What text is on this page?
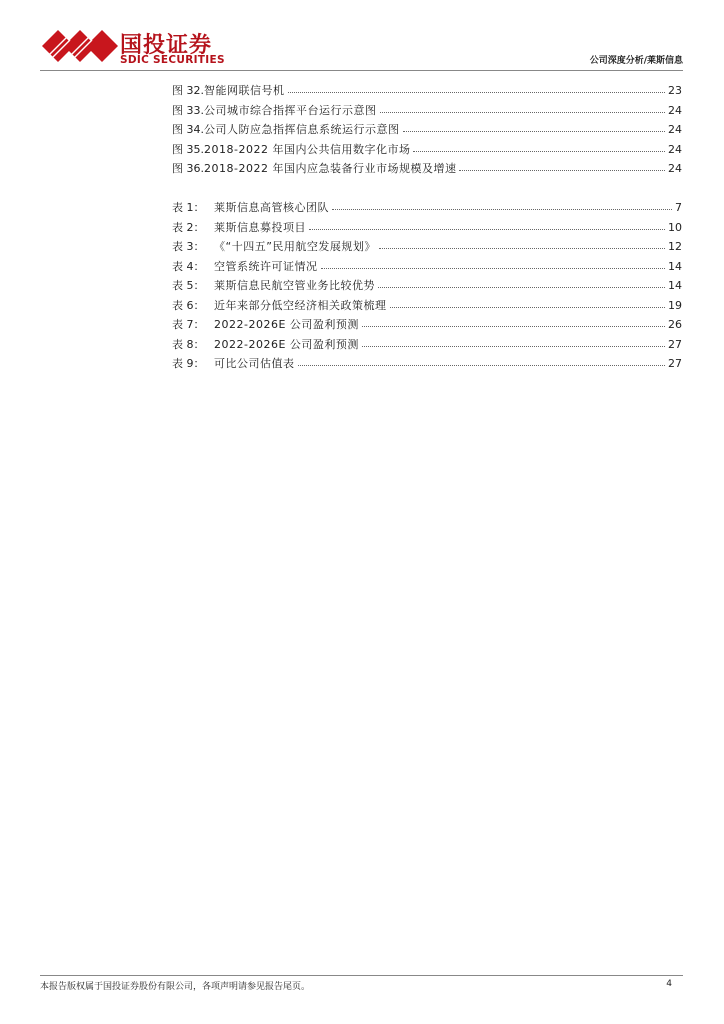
国投证券
SDIC SECURITIES	公司深度分析/莱斯信息
图 32. 智能网联信号机	23
图 33. 公司城市综合指挥平台运行示意图	24
图 34. 公司人防应急指挥信息系统运行示意图	24
图 35. 2018-2022 年国内公共信用数字化市场	24
图 36. 2018-2022 年国内应急装备行业市场规模及增速	24
表 1： 莱斯信息高管核心团队	7
表 2： 莱斯信息募投项目	10
表 3： 《“十四五”民用航空发展规划》	12
表 4： 空管系统许可证情况	14
表 5： 莱斯信息民航空管业务比较优势	14
表 6： 近年来部分低空经济相关政策梳理	19
表 7： 2022-2026E 公司盈利预测	26
表 8： 2022-2026E 公司盈利预测	27
表 9： 可比公司估值表	27
本报告版权属于国投证券股份有限公司，各项声明请参见报告尾页。	4
